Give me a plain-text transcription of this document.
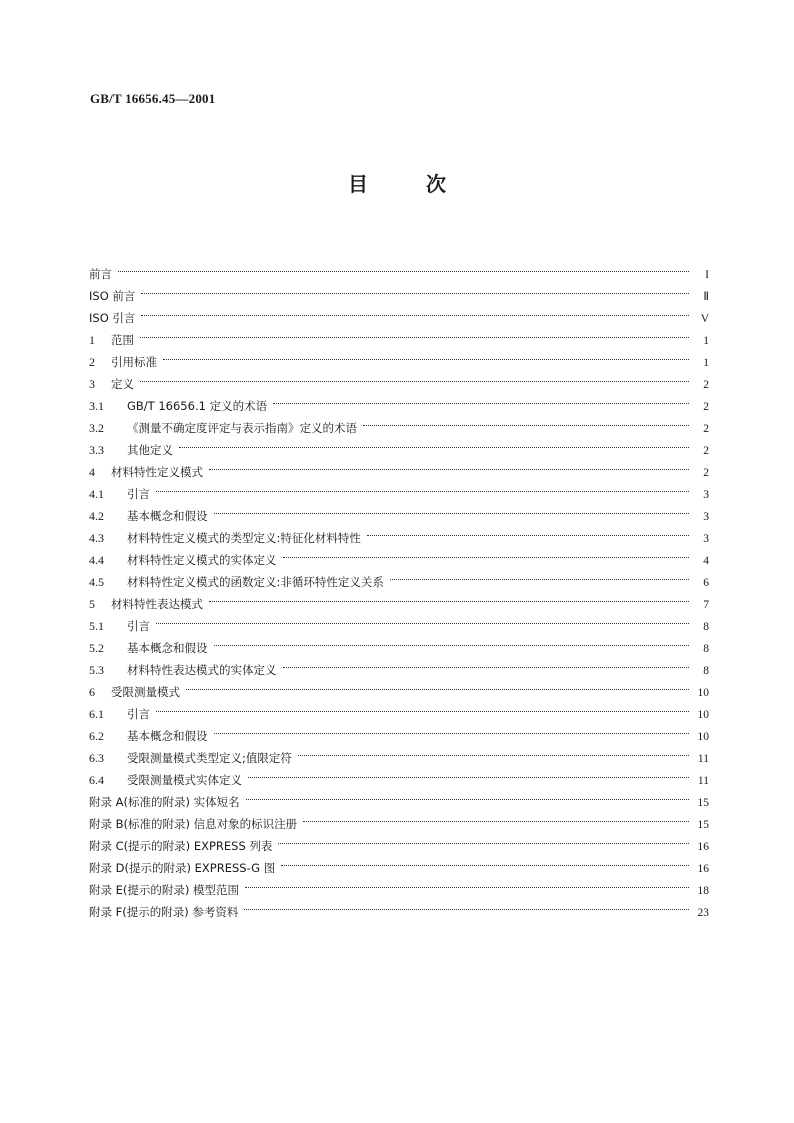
GB/T 16656.45—2001
目	次
前言	I
ISO 前言	Ⅱ
ISO 引言	V
1 范围	1
2 引用标准	1
3 定义	2
3.1 GB/T 16656.1 定义的术语	2
3.2 《测量不确定度评定与表示指南》定义的术语	2
3.3 其他定义	2
4 材料特性定义模式	2
4.1 引言	3
4.2 基本概念和假设	3
4.3 材料特性定义模式的类型定义:特征化材料特性	3
4.4 材料特性定义模式的实体定义	4
4.5 材料特性定义模式的函数定义:非循环特性定义关系	6
5 材料特性表达模式	7
5.1 引言	8
5.2 基本概念和假设	8
5.3 材料特性表达模式的实体定义	8
6 受限测量模式	10
6.1 引言	10
6.2 基本概念和假设	10
6.3 受限测量模式类型定义;值限定符	11
6.4 受限测量模式实体定义	11
附录 A(标准的附录) 实体短名	15
附录 B(标准的附录) 信息对象的标识注册	15
附录 C(提示的附录) EXPRESS 列表	16
附录 D(提示的附录) EXPRESS-G 图	16
附录 E(提示的附录) 模型范围	18
附录 F(提示的附录) 参考资料	23
